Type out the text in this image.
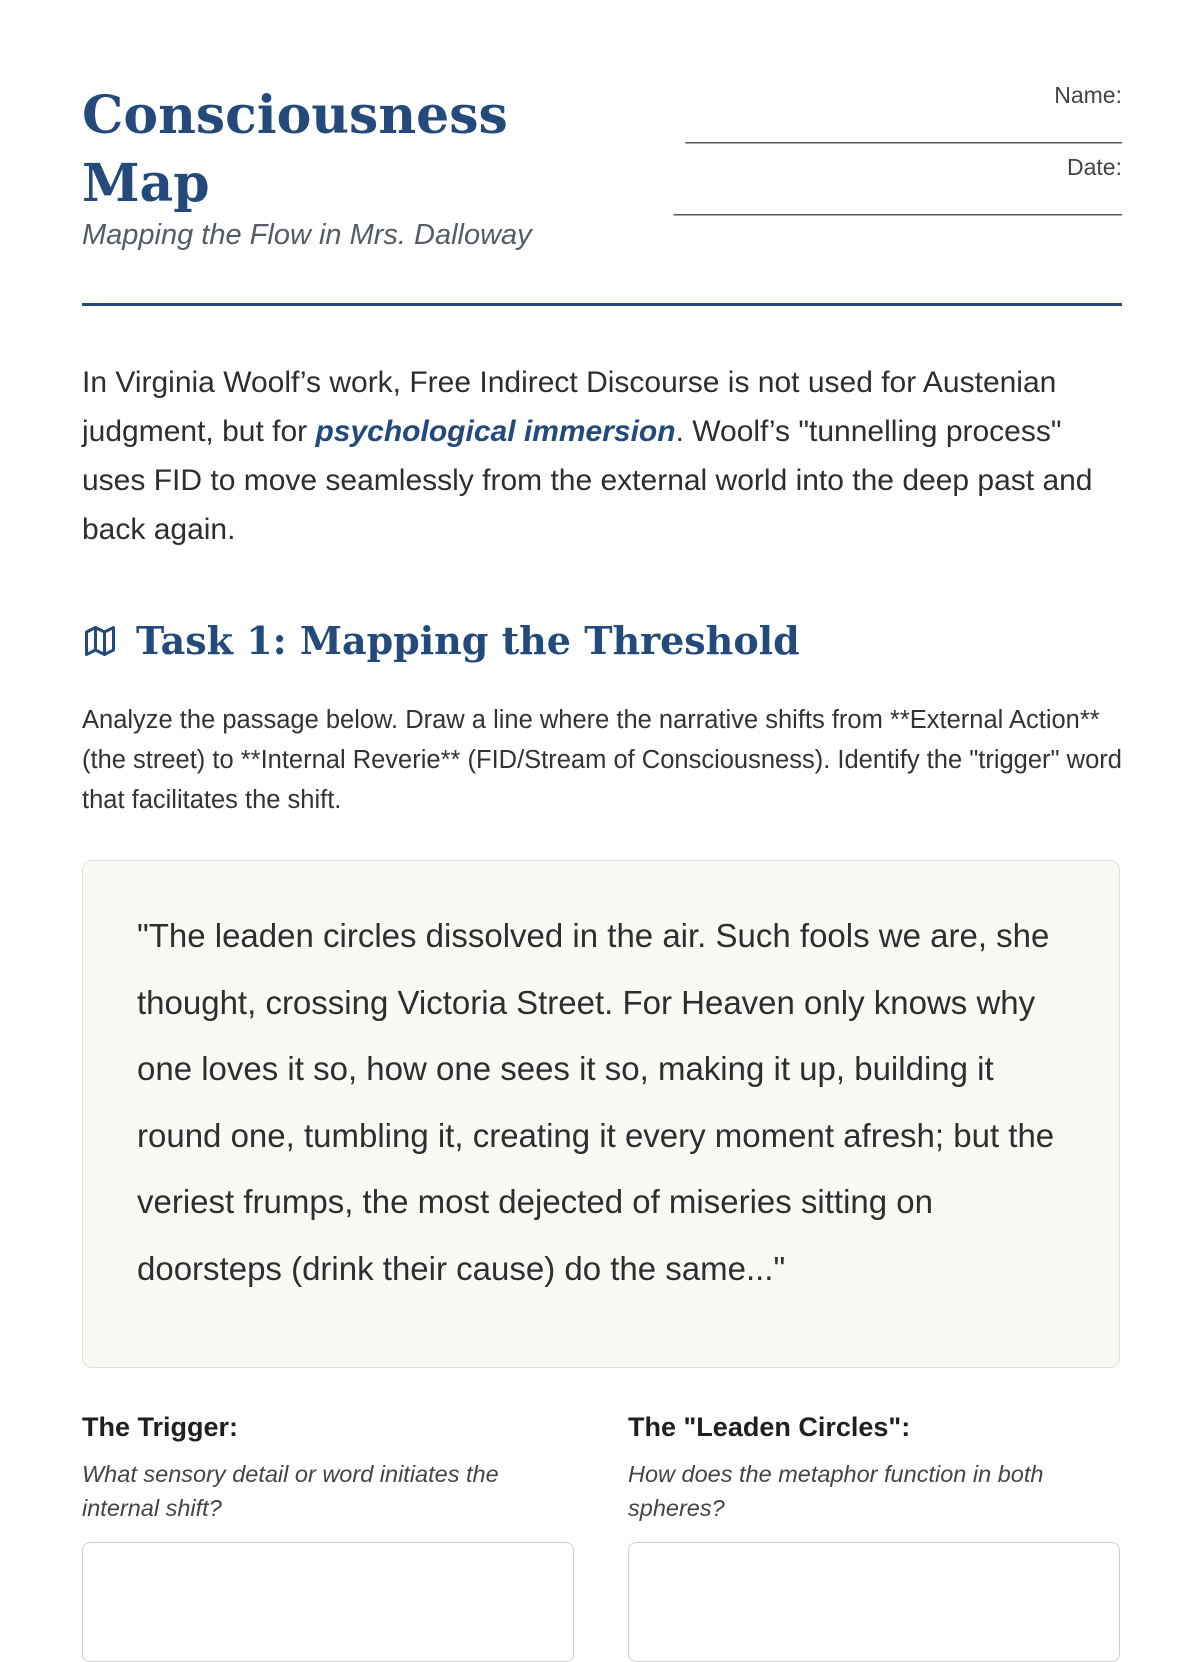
Consciousness Map

Mapping the Flow in Mrs. Dalloway

Name:
_____________________________________
Date:
______________________________________

In Virginia Woolf’s work, Free Indirect Discourse is not used for Austenian judgment, but for psychological immersion. Woolf’s "tunnelling process" uses FID to move seamlessly from the external world into the deep past and back again.

Task 1: Mapping the Threshold

Analyze the passage below. Draw a line where the narrative shifts from **External Action** (the street) to **Internal Reverie** (FID/Stream of Consciousness). Identify the "trigger" word that facilitates the shift.

"The leaden circles dissolved in the air. Such fools we are, she thought, crossing Victoria Street. For Heaven only knows why one loves it so, how one sees it so, making it up, building it round one, tumbling it, creating it every moment afresh; but the veriest frumps, the most dejected of miseries sitting on doorsteps (drink their cause) do the same..."

The Trigger:

What sensory detail or word initiates the internal shift?

The "Leaden Circles":

How does the metaphor function in both spheres?
